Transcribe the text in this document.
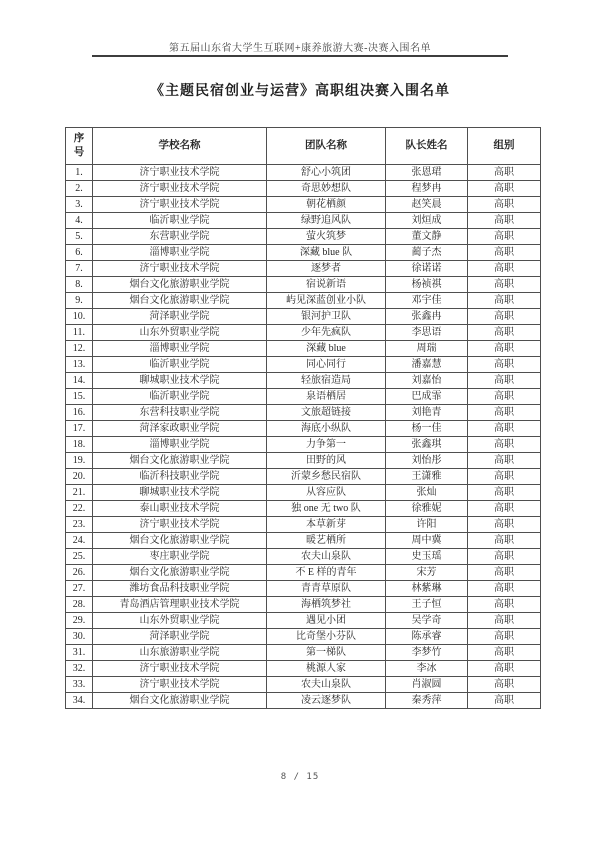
第五届山东省大学生互联网+康养旅游大赛-决赛入围名单
《主题民宿创业与运营》高职组决赛入围名单
序 号	学校名称	团队名称	队长姓名	组别
1.	济宁职业技术学院	舒心小筑团	张恩珺	高职
2.	济宁职业技术学院	奇思妙想队	程梦冉	高职
3.	济宁职业技术学院	朝花栖颜	赵笑晨	高职
4.	临沂职业学院	绿野追风队	刘烜成	高职
5.	东营职业学院	萤火筑梦	董文静	高职
6.	淄博职业学院	深藏 blue 队	蔺子杰	高职
7.	济宁职业技术学院	逐梦者	徐诺诺	高职
8.	烟台文化旅游职业学院	宿说新语	杨祯祺	高职
9.	烟台文化旅游职业学院	屿见深蓝创业小队	邓宇佳	高职
10.	菏泽职业学院	银河护卫队	张鑫冉	高职
11.	山东外贸职业学院	少年先疯队	李思语	高职
12.	淄博职业学院	深藏 blue	周瑞	高职
13.	临沂职业学院	同心同行	潘嘉慧	高职
14.	聊城职业技术学院	轻旅宿造局	刘嘉怡	高职
15.	临沂职业学院	泉语栖居	巴成霏	高职
16.	东营科技职业学院	文旅超链接	刘艳青	高职
17.	菏泽家政职业学院	海底小纵队	杨一佳	高职
18.	淄博职业学院	力争第一	张鑫琪	高职
19.	烟台文化旅游职业学院	田野的风	刘怡彤	高职
20.	临沂科技职业学院	沂蒙乡愁民宿队	王潇雅	高职
21.	聊城职业技术学院	从容应队	张灿	高职
22.	泰山职业技术学院	独 one 无 two 队	徐雅妮	高职
23.	济宁职业技术学院	本草新芽	许阳	高职
24.	烟台文化旅游职业学院	暖艺栖所	周中冀	高职
25.	枣庄职业学院	农夫山泉队	史玉瑶	高职
26.	烟台文化旅游职业学院	不 E 样的青年	宋芳	高职
27.	潍坊食品科技职业学院	青青草原队	林紫琳	高职
28.	青岛酒店管理职业技术学院	海栖筑梦社	王子恒	高职
29.	山东外贸职业学院	遇见小团	吴学奇	高职
30.	菏泽职业学院	比奇堡小芬队	陈承睿	高职
31.	山东旅游职业学院	第一梯队	李梦竹	高职
32.	济宁职业技术学院	桃源人家	李冰	高职
33.	济宁职业技术学院	农夫山泉队	肖淑圆	高职
34.	烟台文化旅游职业学院	凌云逐梦队	秦秀萍	高职
8 / 15
